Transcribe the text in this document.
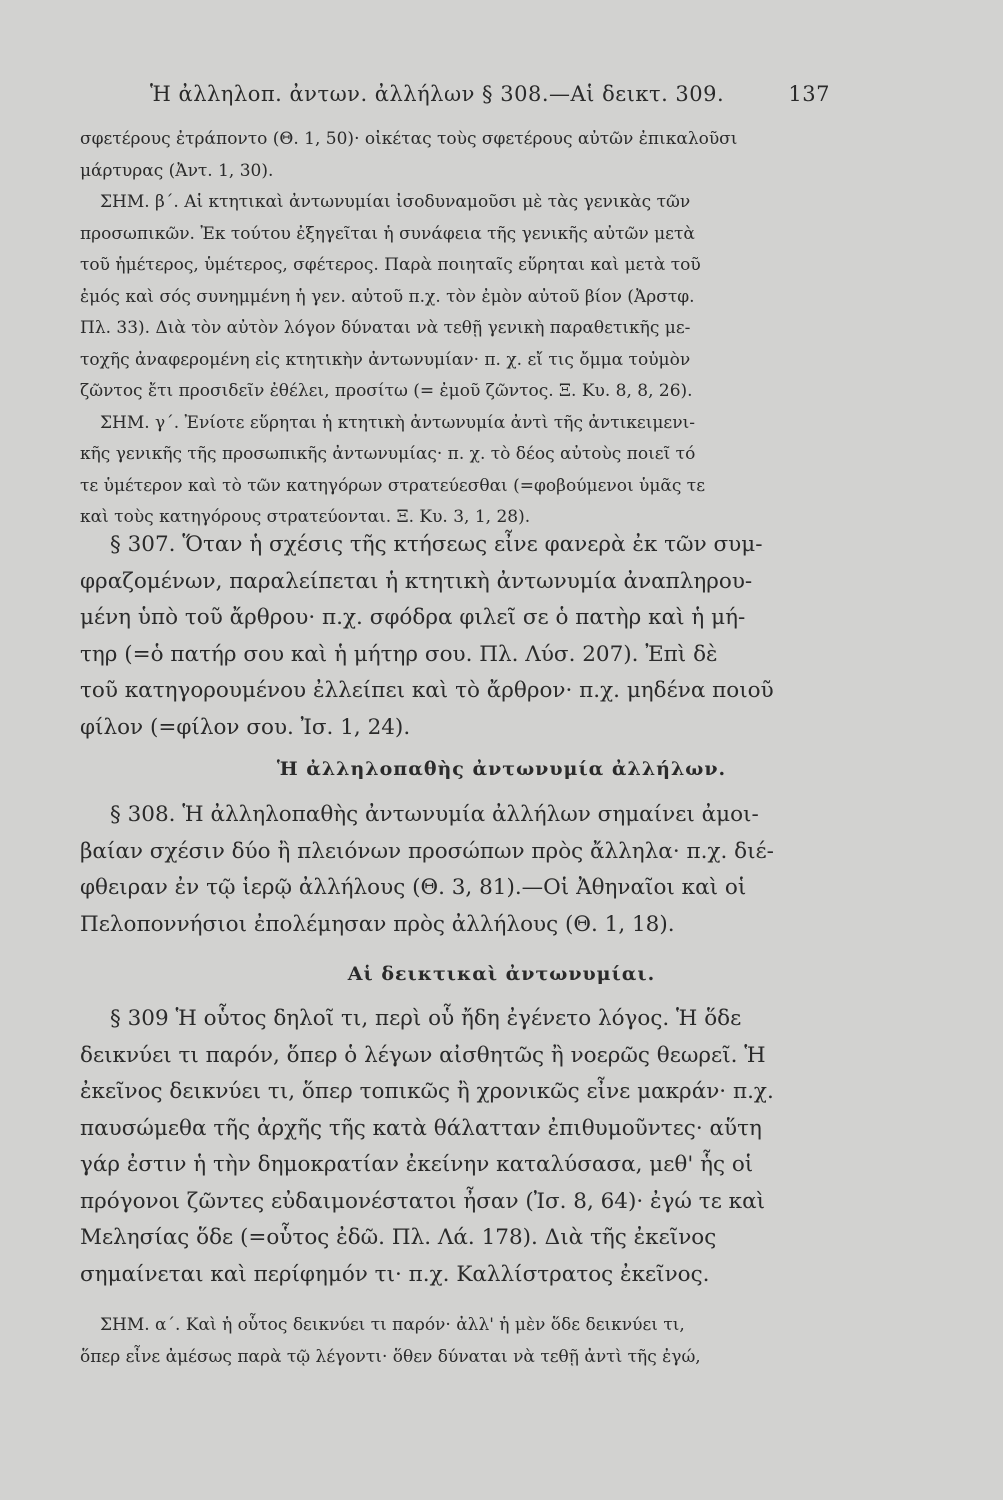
Ἡ ἀλληλοπ. ἀντων. ἀλλήλων § 308.—Αἱ δεικτ. 309.	137

σφετέρους ἐτράποντο (Θ. 1, 50)· οἰκέτας τοὺς σφετέρους αὐτῶν ἐπικαλοῦσι

μάρτυρας (Ἀντ. 1, 30).

ΣΗΜ. β΄. Αἱ κτητικαὶ ἀντωνυμίαι ἰσοδυναμοῦσι μὲ τὰς γενικὰς τῶν

προσωπικῶν. Ἐκ τούτου ἐξηγεῖται ἡ συνάφεια τῆς γενικῆς αὐτῶν μετὰ

τοῦ ἡμέτερος, ὑμέτερος, σφέτερος. Παρὰ ποιηταῖς εὕρηται καὶ μετὰ τοῦ

ἐμός καὶ σός συνημμένη ἡ γεν. αὐτοῦ π.χ. τὸν ἐμὸν αὐτοῦ βίον (Ἀρστφ.

Πλ. 33). Διὰ τὸν αὐτὸν λόγον δύναται νὰ τεθῇ γενικὴ παραθετικῆς με-

τοχῆς ἀναφερομένη εἰς κτητικὴν ἀντωνυμίαν· π. χ. εἴ τις ὄμμα τοὐμὸν

ζῶντος ἔτι προσιδεῖν ἐθέλει, προσίτω (= ἐμοῦ ζῶντος. Ξ. Κυ. 8, 8, 26).

ΣΗΜ. γ΄. Ἐνίοτε εὕρηται ἡ κτητικὴ ἀντωνυμία ἀντὶ τῆς ἀντικειμενι-

κῆς γενικῆς τῆς προσωπικῆς ἀντωνυμίας· π. χ. τὸ δέος αὐτοὺς ποιεῖ τό

τε ὑμέτερον καὶ τὸ τῶν κατηγόρων στρατεύεσθαι (=φοβούμενοι ὑμᾶς τε

καὶ τοὺς κατηγόρους στρατεύονται. Ξ. Κυ. 3, 1, 28).

§ 307. Ὅταν ἡ σχέσις τῆς κτήσεως εἶνε φανερὰ ἐκ τῶν συμ-

φραζομένων, παραλείπεται ἡ κτητικὴ ἀντωνυμία ἀναπληρου-

μένη ὑπὸ τοῦ ἄρθρου· π.χ. σφόδρα φιλεῖ σε ὁ πατὴρ καὶ ἡ μή-

τηρ (=ὁ πατήρ σου καὶ ἡ μήτηρ σου. Πλ. Λύσ. 207). Ἐπὶ δὲ

τοῦ κατηγορουμένου ἐλλείπει καὶ τὸ ἄρθρον· π.χ. μηδένα ποιοῦ

φίλον (=φίλον σου. Ἰσ. 1, 24).

Ἡ ἀλληλοπαθὴς ἀντωνυμία ἀλλήλων.

§ 308. Ἡ ἀλληλοπαθὴς ἀντωνυμία ἀλλήλων σημαίνει ἀμοι-

βαίαν σχέσιν δύο ἢ πλειόνων προσώπων πρὸς ἄλληλα· π.χ. διέ-

φθειραν ἐν τῷ ἱερῷ ἀλλήλους (Θ. 3, 81).—Οἱ Ἀθηναῖοι καὶ οἱ

Πελοποννήσιοι ἐπολέμησαν πρὸς ἀλλήλους (Θ. 1, 18).

Αἱ δεικτικαὶ ἀντωνυμίαι.

§ 309 Ἡ οὗτος δηλοῖ τι, περὶ οὗ ἤδη ἐγένετο λόγος. Ἡ ὅδε

δεικνύει τι παρόν, ὅπερ ὁ λέγων αἰσθητῶς ἢ νοερῶς θεωρεῖ. Ἡ

ἐκεῖνος δεικνύει τι, ὅπερ τοπικῶς ἢ χρονικῶς εἶνε μακράν· π.χ.

παυσώμεθα τῆς ἀρχῆς τῆς κατὰ θάλατταν ἐπιθυμοῦντες· αὕτη

γάρ ἐστιν ἡ τὴν δημοκρατίαν ἐκείνην καταλύσασα, μεθ' ἧς οἱ

πρόγονοι ζῶντες εὐδαιμονέστατοι ἦσαν (Ἰσ. 8, 64)· ἐγώ τε καὶ

Μελησίας ὅδε (=οὗτος ἐδῶ. Πλ. Λά. 178). Διὰ τῆς ἐκεῖνος

σημαίνεται καὶ περίφημόν τι· π.χ. Καλλίστρατος ἐκεῖνος.

ΣΗΜ. α΄. Καὶ ἡ οὗτος δεικνύει τι παρόν· ἀλλ' ἡ μὲν ὅδε δεικνύει τι,

ὅπερ εἶνε ἀμέσως παρὰ τῷ λέγοντι· ὅθεν δύναται νὰ τεθῇ ἀντὶ τῆς ἐγώ,
